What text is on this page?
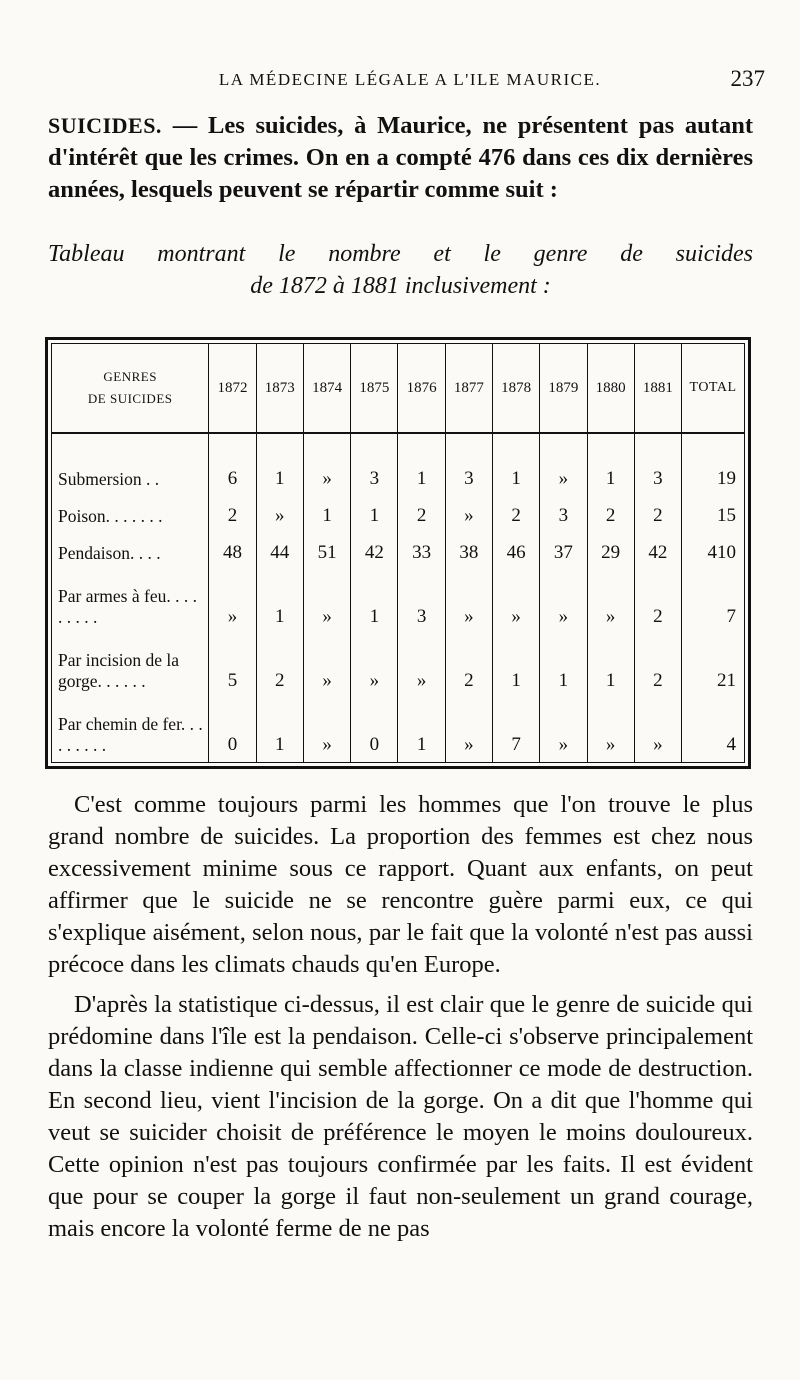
LA MÉDECINE LÉGALE A L'ILE MAURICE.	237
SUICIDES. — Les suicides, à Maurice, ne présentent pas autant d'intérêt que les crimes. On en a compté 476 dans ces dix dernières années, lesquels peuvent se répartir comme suit :
Tableau montrant le nombre et le genre de suicides
de 1872 à 1881 inclusivement :
GENRES
DE SUICIDES	1872	1873	1874	1875	1876	1877	1878	1879	1880	1881	TOTAL
Submersion . .	6	1	»	3	1	3	1	»	1	3	19
Poison. . . . . . .	2	»	1	1	2	»	2	3	2	2	15
Pendaison. . . .	48	44	51	42	33	38	46	37	29	42	410
Par armes à feu. . . . . . . . .	»	1	»	1	3	»	»	»	»	2	7
Par incision de la gorge. . . . . .	5	2	»	»	»	2	1	1	1	2	21
Par chemin de fer. . . . . . . . .	0	1	»	0	1	»	7	»	»	»	4

C'est comme toujours parmi les hommes que l'on trouve le plus grand nombre de suicides. La proportion des femmes est chez nous excessivement minime sous ce rapport. Quant aux enfants, on peut affirmer que le suicide ne se rencontre guère parmi eux, ce qui s'explique aisément, selon nous, par le fait que la volonté n'est pas aussi précoce dans les climats chauds qu'en Europe.

D'après la statistique ci-dessus, il est clair que le genre de suicide qui prédomine dans l'île est la pendaison. Celle-ci s'observe principalement dans la classe indienne qui semble affectionner ce mode de destruction. En second lieu, vient l'incision de la gorge. On a dit que l'homme qui veut se suicider choisit de préférence le moyen le moins douloureux. Cette opinion n'est pas toujours confirmée par les faits. Il est évident que pour se couper la gorge il faut non-seulement un grand courage, mais encore la volonté ferme de ne pas
